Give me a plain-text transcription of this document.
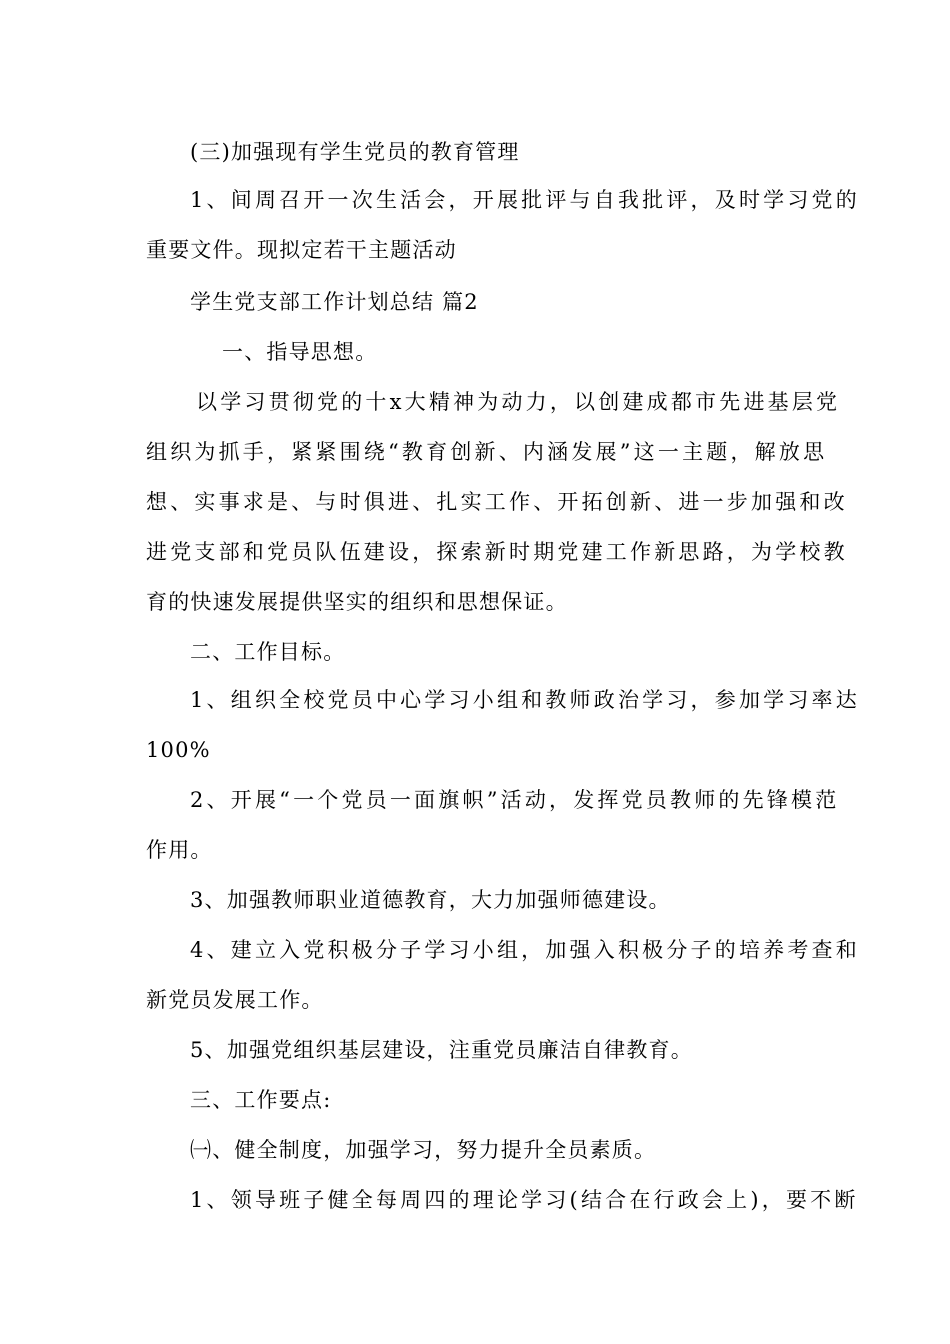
(三)加强现有学生党员的教育管理
1、间周召开一次生活会，开展批评与自我批评，及时学习党的
重要文件。现拟定若干主题活动
学生党支部工作计划总结 篇2
一、指导思想。
以学习贯彻党的十x大精神为动力，以创建成都市先进基层党
组织为抓手，紧紧围绕“教育创新、内涵发展”这一主题，解放思
想、实事求是、与时俱进、扎实工作、开拓创新、进一步加强和改
进党支部和党员队伍建设，探索新时期党建工作新思路，为学校教
育的快速发展提供坚实的组织和思想保证。
二、工作目标。
1、组织全校党员中心学习小组和教师政治学习，参加学习率达
100%
2、开展“一个党员一面旗帜”活动，发挥党员教师的先锋模范
作用。
3、加强教师职业道德教育，大力加强师德建设。
4、建立入党积极分子学习小组，加强入积极分子的培养考查和
新党员发展工作。
5、加强党组织基层建设，注重党员廉洁自律教育。
三、工作要点:
㈠、健全制度，加强学习，努力提升全员素质。
1、领导班子健全每周四的理论学习(结合在行政会上)，要不断
